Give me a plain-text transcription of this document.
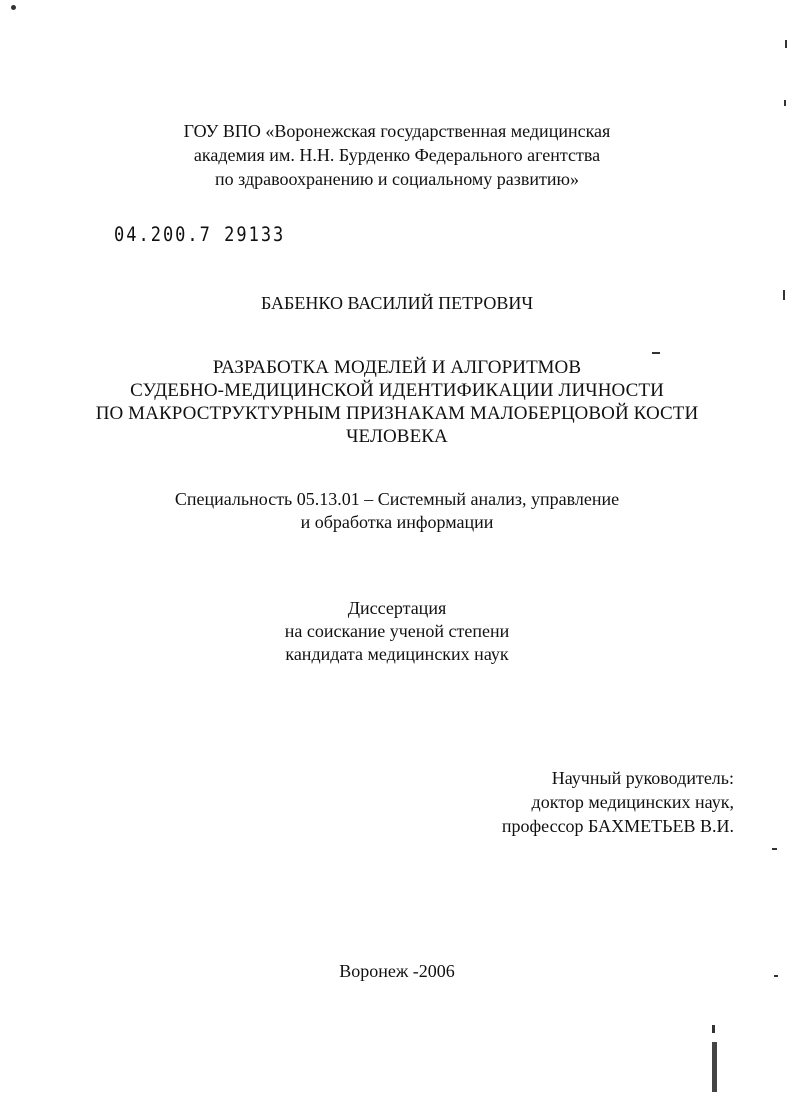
ГОУ ВПО «Воронежская государственная медицинская
академия им. Н.Н. Бурденко Федерального агентства
по здравоохранению и социальному развитию»
04.200.7 29133
БАБЕНКО ВАСИЛИЙ ПЕТРОВИЧ
РАЗРАБОТКА МОДЕЛЕЙ И АЛГОРИТМОВ
СУДЕБНО-МЕДИЦИНСКОЙ ИДЕНТИФИКАЦИИ ЛИЧНОСТИ
ПО МАКРОСТРУКТУРНЫМ ПРИЗНАКАМ МАЛОБЕРЦОВОЙ КОСТИ
ЧЕЛОВЕКА
Специальность 05.13.01 – Системный анализ, управление
и обработка информации
Диссертация
на соискание ученой степени
кандидата медицинских наук
Научный руководитель:
доктор медицинских наук,
профессор БАХМЕТЬЕВ В.И.
Воронеж -2006
